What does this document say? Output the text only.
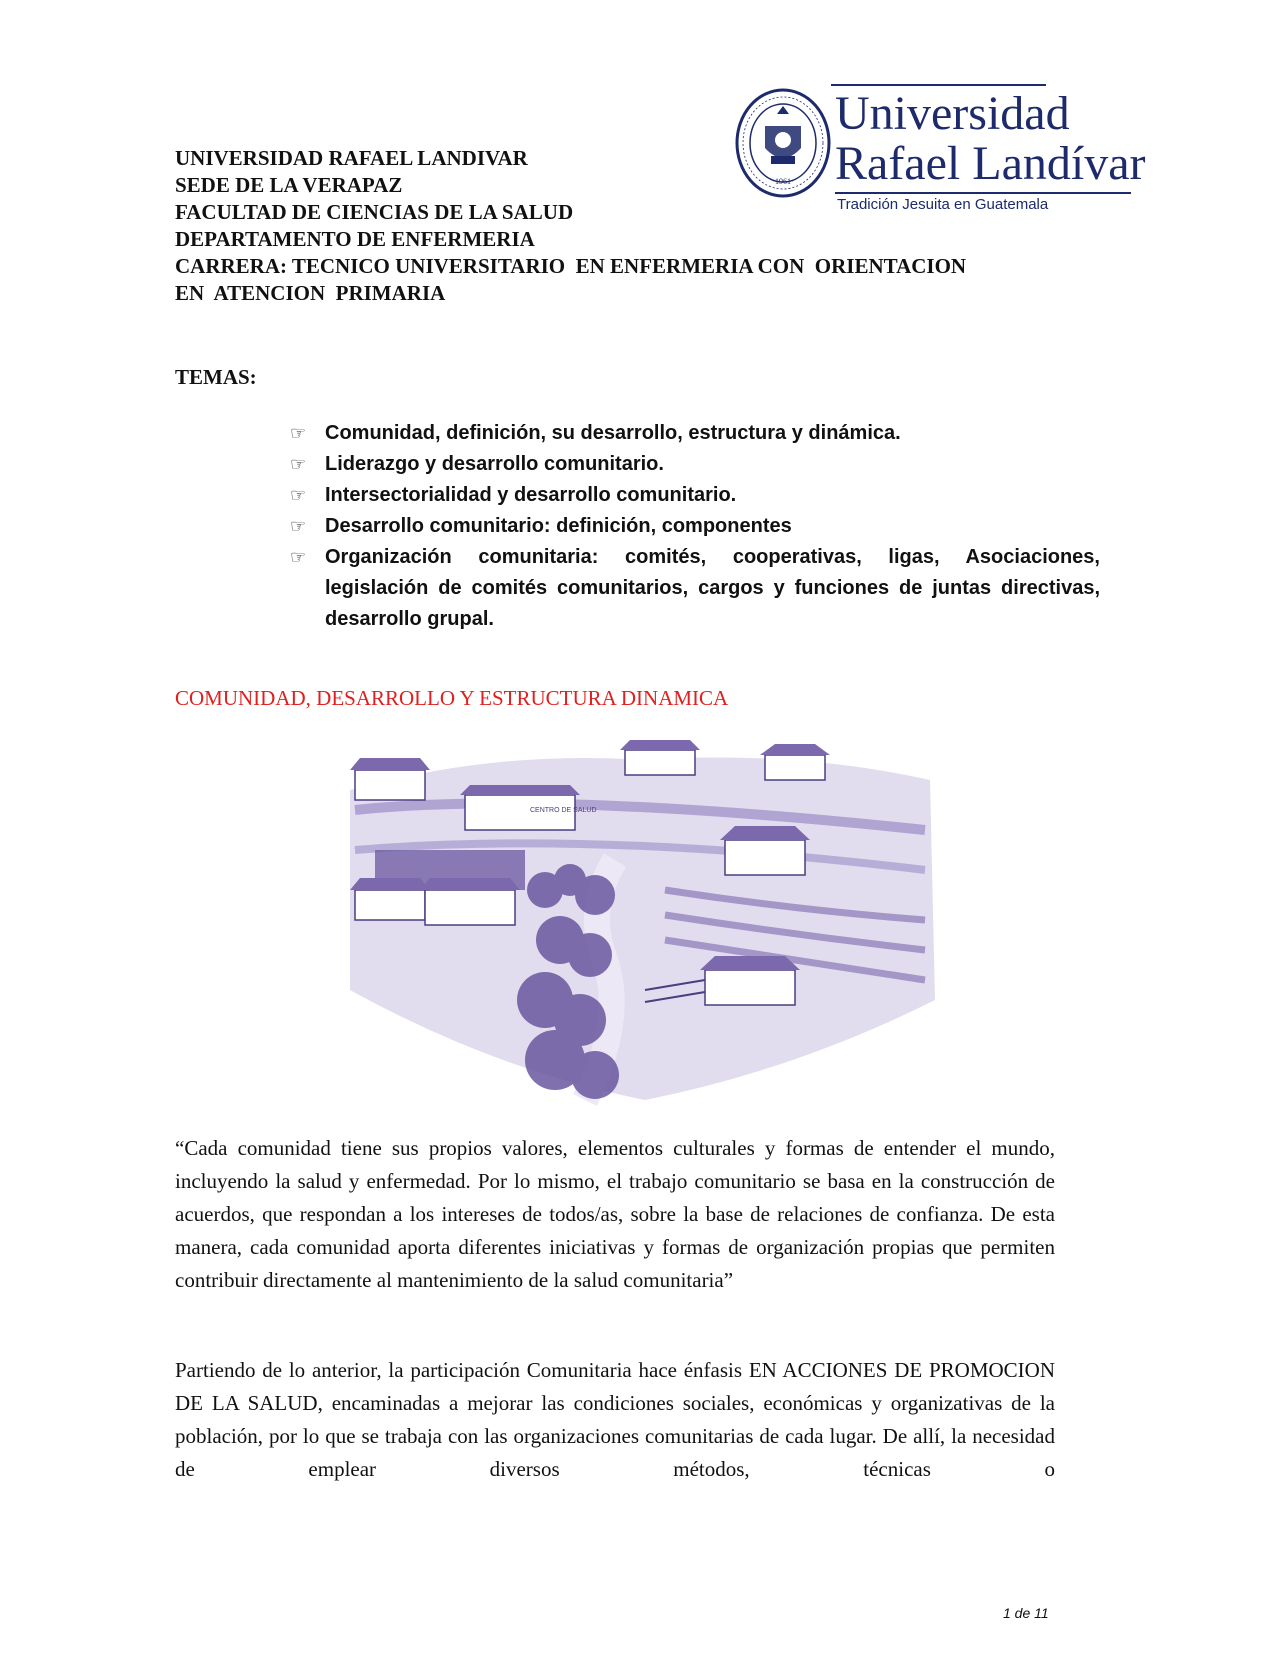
UNIVERSIDAD RAFAEL LANDIVAR
SEDE DE LA VERAPAZ
FACULTAD DE CIENCIAS DE LA SALUD
DEPARTAMENTO DE ENFERMERIA
CARRERA: TECNICO UNIVERSITARIO  EN ENFERMERIA CON  ORIENTACION
EN  ATENCION  PRIMARIA
·1961·
Universidad
Rafael Landívar
Tradición Jesuita en Guatemala
TEMAS:
☞ Comunidad, definición, su desarrollo, estructura y dinámica.
☞ Liderazgo y desarrollo comunitario.
☞ Intersectorialidad y desarrollo comunitario.
☞ Desarrollo comunitario: definición, componentes
☞ Organización comunitaria: comités, cooperativas, ligas, Asociaciones, legislación de comités comunitarios, cargos y funciones de juntas directivas, desarrollo grupal.
COMUNIDAD, DESARROLLO Y ESTRUCTURA DINAMICA
CENTRO DE SALUD
“Cada comunidad tiene sus propios valores, elementos culturales y formas de entender el mundo, incluyendo la salud y enfermedad. Por lo mismo, el trabajo comunitario se basa en la construcción de acuerdos, que respondan a los intereses de todos/as, sobre la base de relaciones de confianza. De esta manera, cada comunidad aporta diferentes iniciativas y formas de organización propias que permiten contribuir directamente al mantenimiento de la salud comunitaria”
Partiendo de lo anterior, la participación Comunitaria hace énfasis EN ACCIONES DE PROMOCION DE LA SALUD, encaminadas a mejorar las condiciones sociales, económicas y organizativas de la población, por lo que se trabaja con las organizaciones comunitarias de cada lugar. De allí, la necesidad de emplear diversos métodos, técnicas o
1 de 11
